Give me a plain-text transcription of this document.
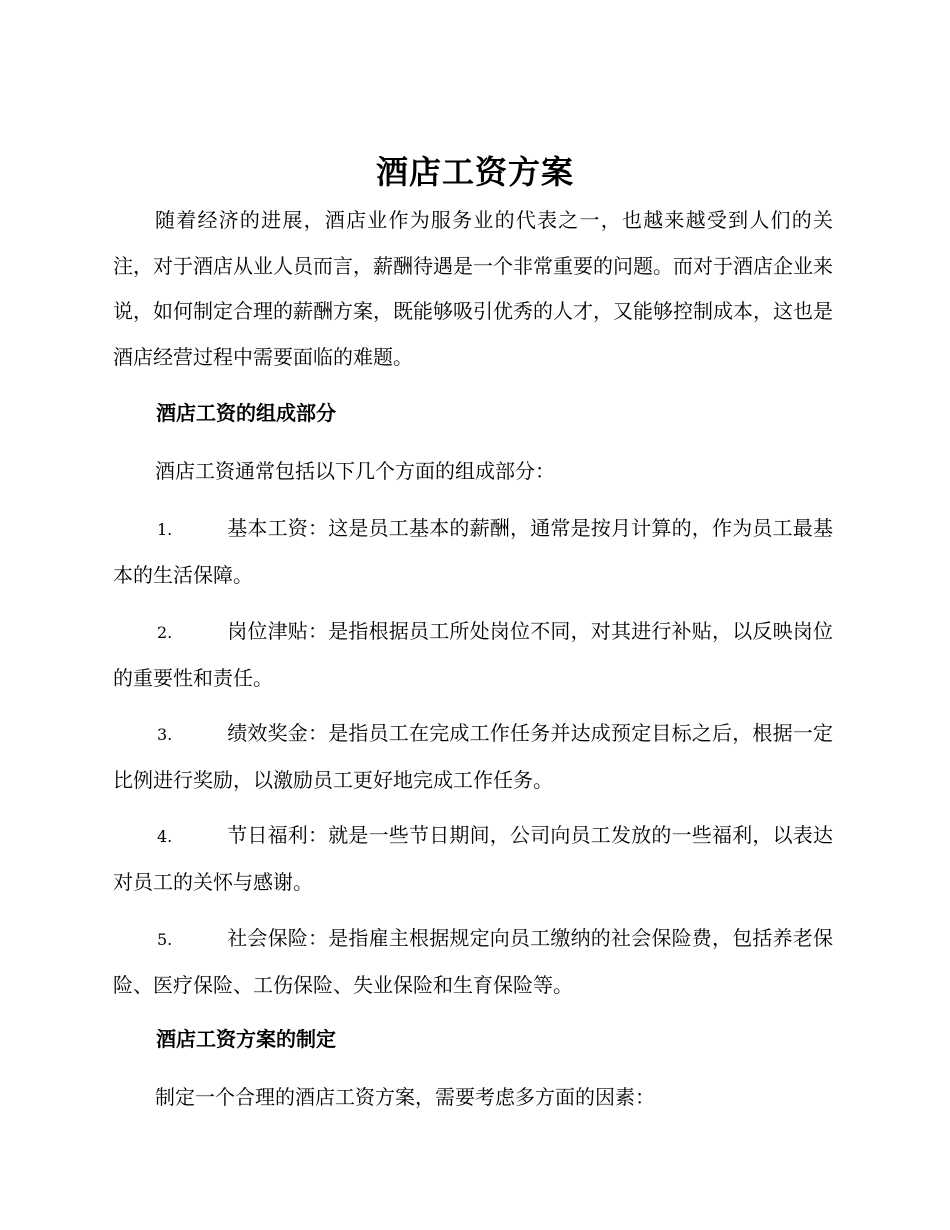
酒店工资方案

随着经济的进展，酒店业作为服务业的代表之一，也越来越受到人们的关注，对于酒店从业人员而言，薪酬待遇是一个非常重要的问题。而对于酒店企业来说，如何制定合理的薪酬方案，既能够吸引优秀的人才，又能够控制成本，这也是酒店经营过程中需要面临的难题。

酒店工资的组成部分

酒店工资通常包括以下几个方面的组成部分：

1.	基本工资：这是员工基本的薪酬，通常是按月计算的，作为员工最基本的生活保障。

2.	岗位津贴：是指根据员工所处岗位不同，对其进行补贴，以反映岗位的重要性和责任。

3.	绩效奖金：是指员工在完成工作任务并达成预定目标之后，根据一定比例进行奖励，以激励员工更好地完成工作任务。

4.	节日福利：就是一些节日期间，公司向员工发放的一些福利，以表达对员工的关怀与感谢。

5.	社会保险：是指雇主根据规定向员工缴纳的社会保险费，包括养老保险、医疗保险、工伤保险、失业保险和生育保险等。

酒店工资方案的制定

制定一个合理的酒店工资方案，需要考虑多方面的因素：
